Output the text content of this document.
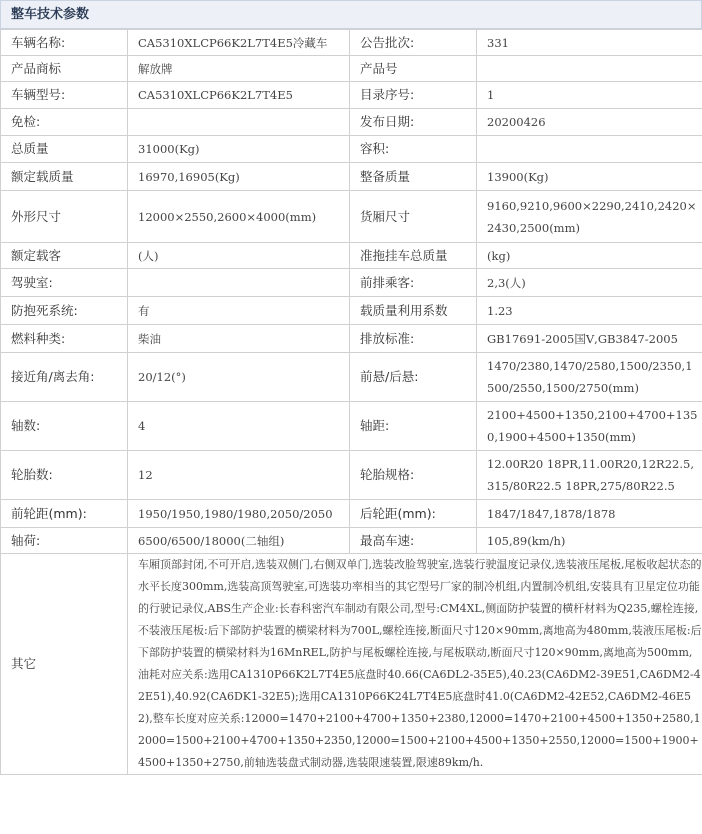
整车技术参数
车辆名称:	CA5310XLCP66K2L7T4E5冷藏车	公告批次:	331
产品商标	解放牌	产品号	
车辆型号:	CA5310XLCP66K2L7T4E5	目录序号:	1
免检:		发布日期:	20200426
总质量	31000(Kg)	容积:	
额定载质量	16970,16905(Kg)	整备质量	13900(Kg)
外形尺寸	12000×2550,2600×4000(mm)	货厢尺寸	9160,9210,9600×2290,2410,2420×2430,2500(mm)
额定载客	(人)	准拖挂车总质量	(kg)
驾驶室:		前排乘客:	2,3(人)
防抱死系统:	有	载质量利用系数	1.23
燃料种类:	柴油	排放标准:	GB17691-2005国Ⅴ,GB3847-2005
接近角/离去角:	20/12(°)	前悬/后悬:	1470/2380,1470/2580,1500/2350,1500/2550,1500/2750(mm)
轴数:	4	轴距:	2100+4500+1350,2100+4700+1350,1900+4500+1350(mm)
轮胎数:	12	轮胎规格:	12.00R20 18PR,11.00R20,12R22.5,315/80R22.5 18PR,275/80R22.5
前轮距(mm):	1950/1950,1980/1980,2050/2050	后轮距(mm):	1847/1847,1878/1878
轴荷:	6500/6500/18000(二轴组)	最高车速:	105,89(km/h)
其它	车厢顶部封闭,不可开启,选装双侧门,右侧双单门,选装改脸驾驶室,选装行驶温度记录仪,选装液压尾板,尾板收起状态的水平长度300mm,选装高顶驾驶室,可选装功率相当的其它型号厂家的制冷机组,内置制冷机组,安装具有卫星定位功能的行驶记录仪,ABS生产企业:长春科密汽车制动有限公司,型号:CM4XL,侧面防护装置的横杆材料为Q235,螺栓连接,不装液压尾板:后下部防护装置的横梁材料为700L,螺栓连接,断面尺寸120×90mm,离地高为480mm,装液压尾板:后下部防护装置的横梁材料为16MnREL,防护与尾板螺栓连接,与尾板联动,断面尺寸120×90mm,离地高为500mm,油耗对应关系:选用CA1310P66K2L7T4E5底盘时40.66(CA6DL2-35E5),40.23(CA6DM2-39E51,CA6DM2-42E51),40.92(CA6DK1-32E5);选用CA1310P66K24L7T4E5底盘时41.0(CA6DM2-42E52,CA6DM2-46E52),整车长度对应关系:12000=1470+2100+4700+1350+2380,12000=1470+2100+4500+1350+2580,12000=1500+2100+4700+1350+2350,12000=1500+2100+4500+1350+2550,12000=1500+1900+4500+1350+2750,前轴选装盘式制动器,选装限速装置,限速89km/h.		
